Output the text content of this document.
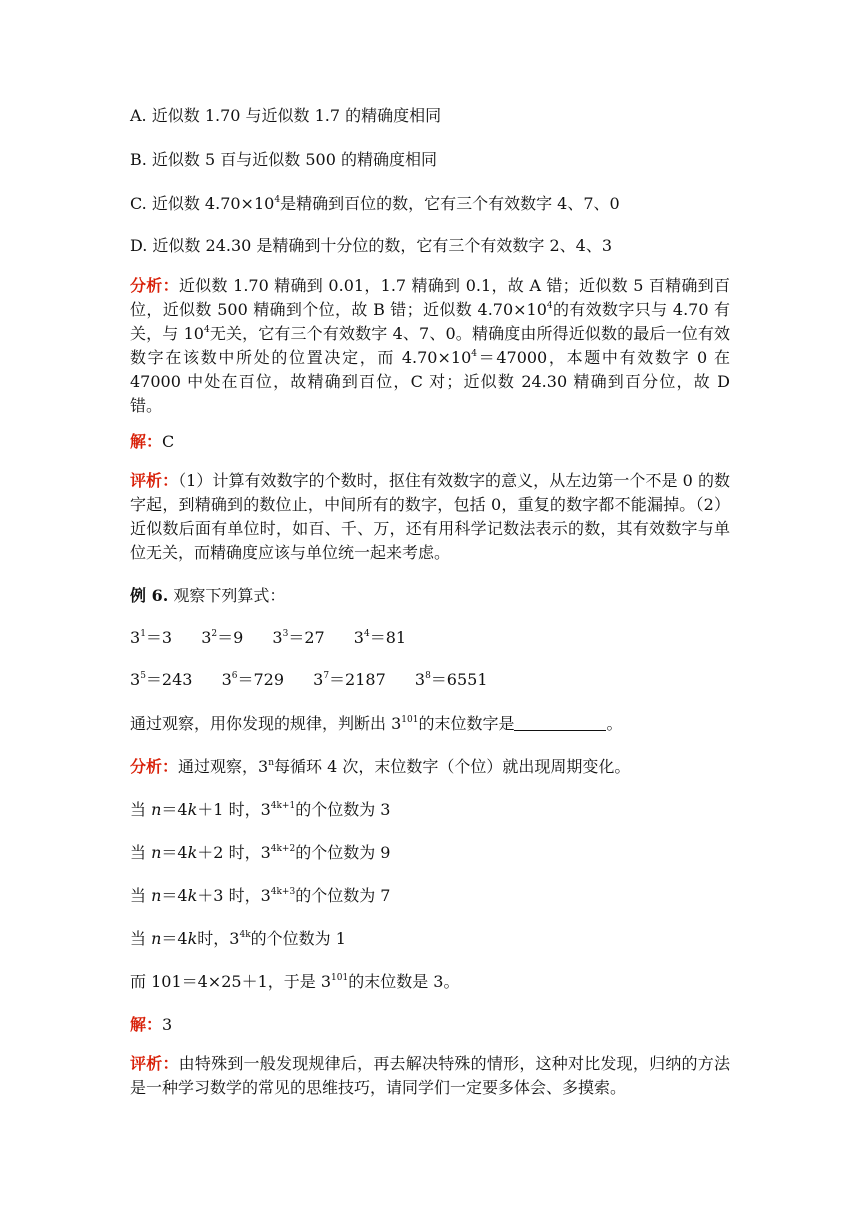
A. 近似数 1.70 与近似数 1.7 的精确度相同
B. 近似数 5 百与近似数 500 的精确度相同
C. 近似数 $4.70\times 10^4$是精确到百位的数，它有三个有效数字 4、7、0
D. 近似数 24.30 是精确到十分位的数，它有三个有效数字 2、4、3
分析：近似数 1.70 精确到 0.01，1.7 精确到 0.1，故 A 错；近似数 5 百精确到百位，近似数 500 精确到个位，故 B 错；近似数 $4.70\times 10^4$的有效数字只与 4.70 有关，与 $10^4$无关，它有三个有效数字 4、7、0。精确度由所得近似数的最后一位有效数字在该数中所处的位置决定，而 $4.70\times 10^4=47000$，本题中有效数字 0 在 47000 中处在百位，故精确到百位，C 对；近似数 24.30 精确到百分位，故 D 错。
解：C
评析：（1）计算有效数字的个数时，抠住有效数字的意义，从左边第一个不是 0 的数字起，到精确到的数位止，中间所有的数字，包括 0，重复的数字都不能漏掉。（2）近似数后面有单位时，如百、千、万，还有用科学记数法表示的数，其有效数字与单位无关，而精确度应该与单位统一起来考虑。
例 6. 观察下列算式：
$3^1=3$ $3^2=9$ $3^3=27$ $3^4=81$
$3^5=243$ $3^6=729$ $3^7=2187$ $3^8=6551$
通过观察，用你发现的规律，判断出 $3^{101}$的末位数字是	。
分析：通过观察，3$^n$每循环 4 次，末位数字（个位）就出现周期变化。
当 n＝4k＋1 时，$3^{4k+1}$的个位数为 3
当 n＝4k＋2 时，$3^{4k+2}$的个位数为 9
当 n＝4k＋3 时，$3^{4k+3}$的个位数为 7
当 n＝4k时，$3^{4k}$的个位数为 1
而 101＝4×25＋1，于是 $3^{101}$的末位数是 3。
解：3
评析：由特殊到一般发现规律后，再去解决特殊的情形，这种对比发现，归纳的方法是一种学习数学的常见的思维技巧，请同学们一定要多体会、多摸索。
